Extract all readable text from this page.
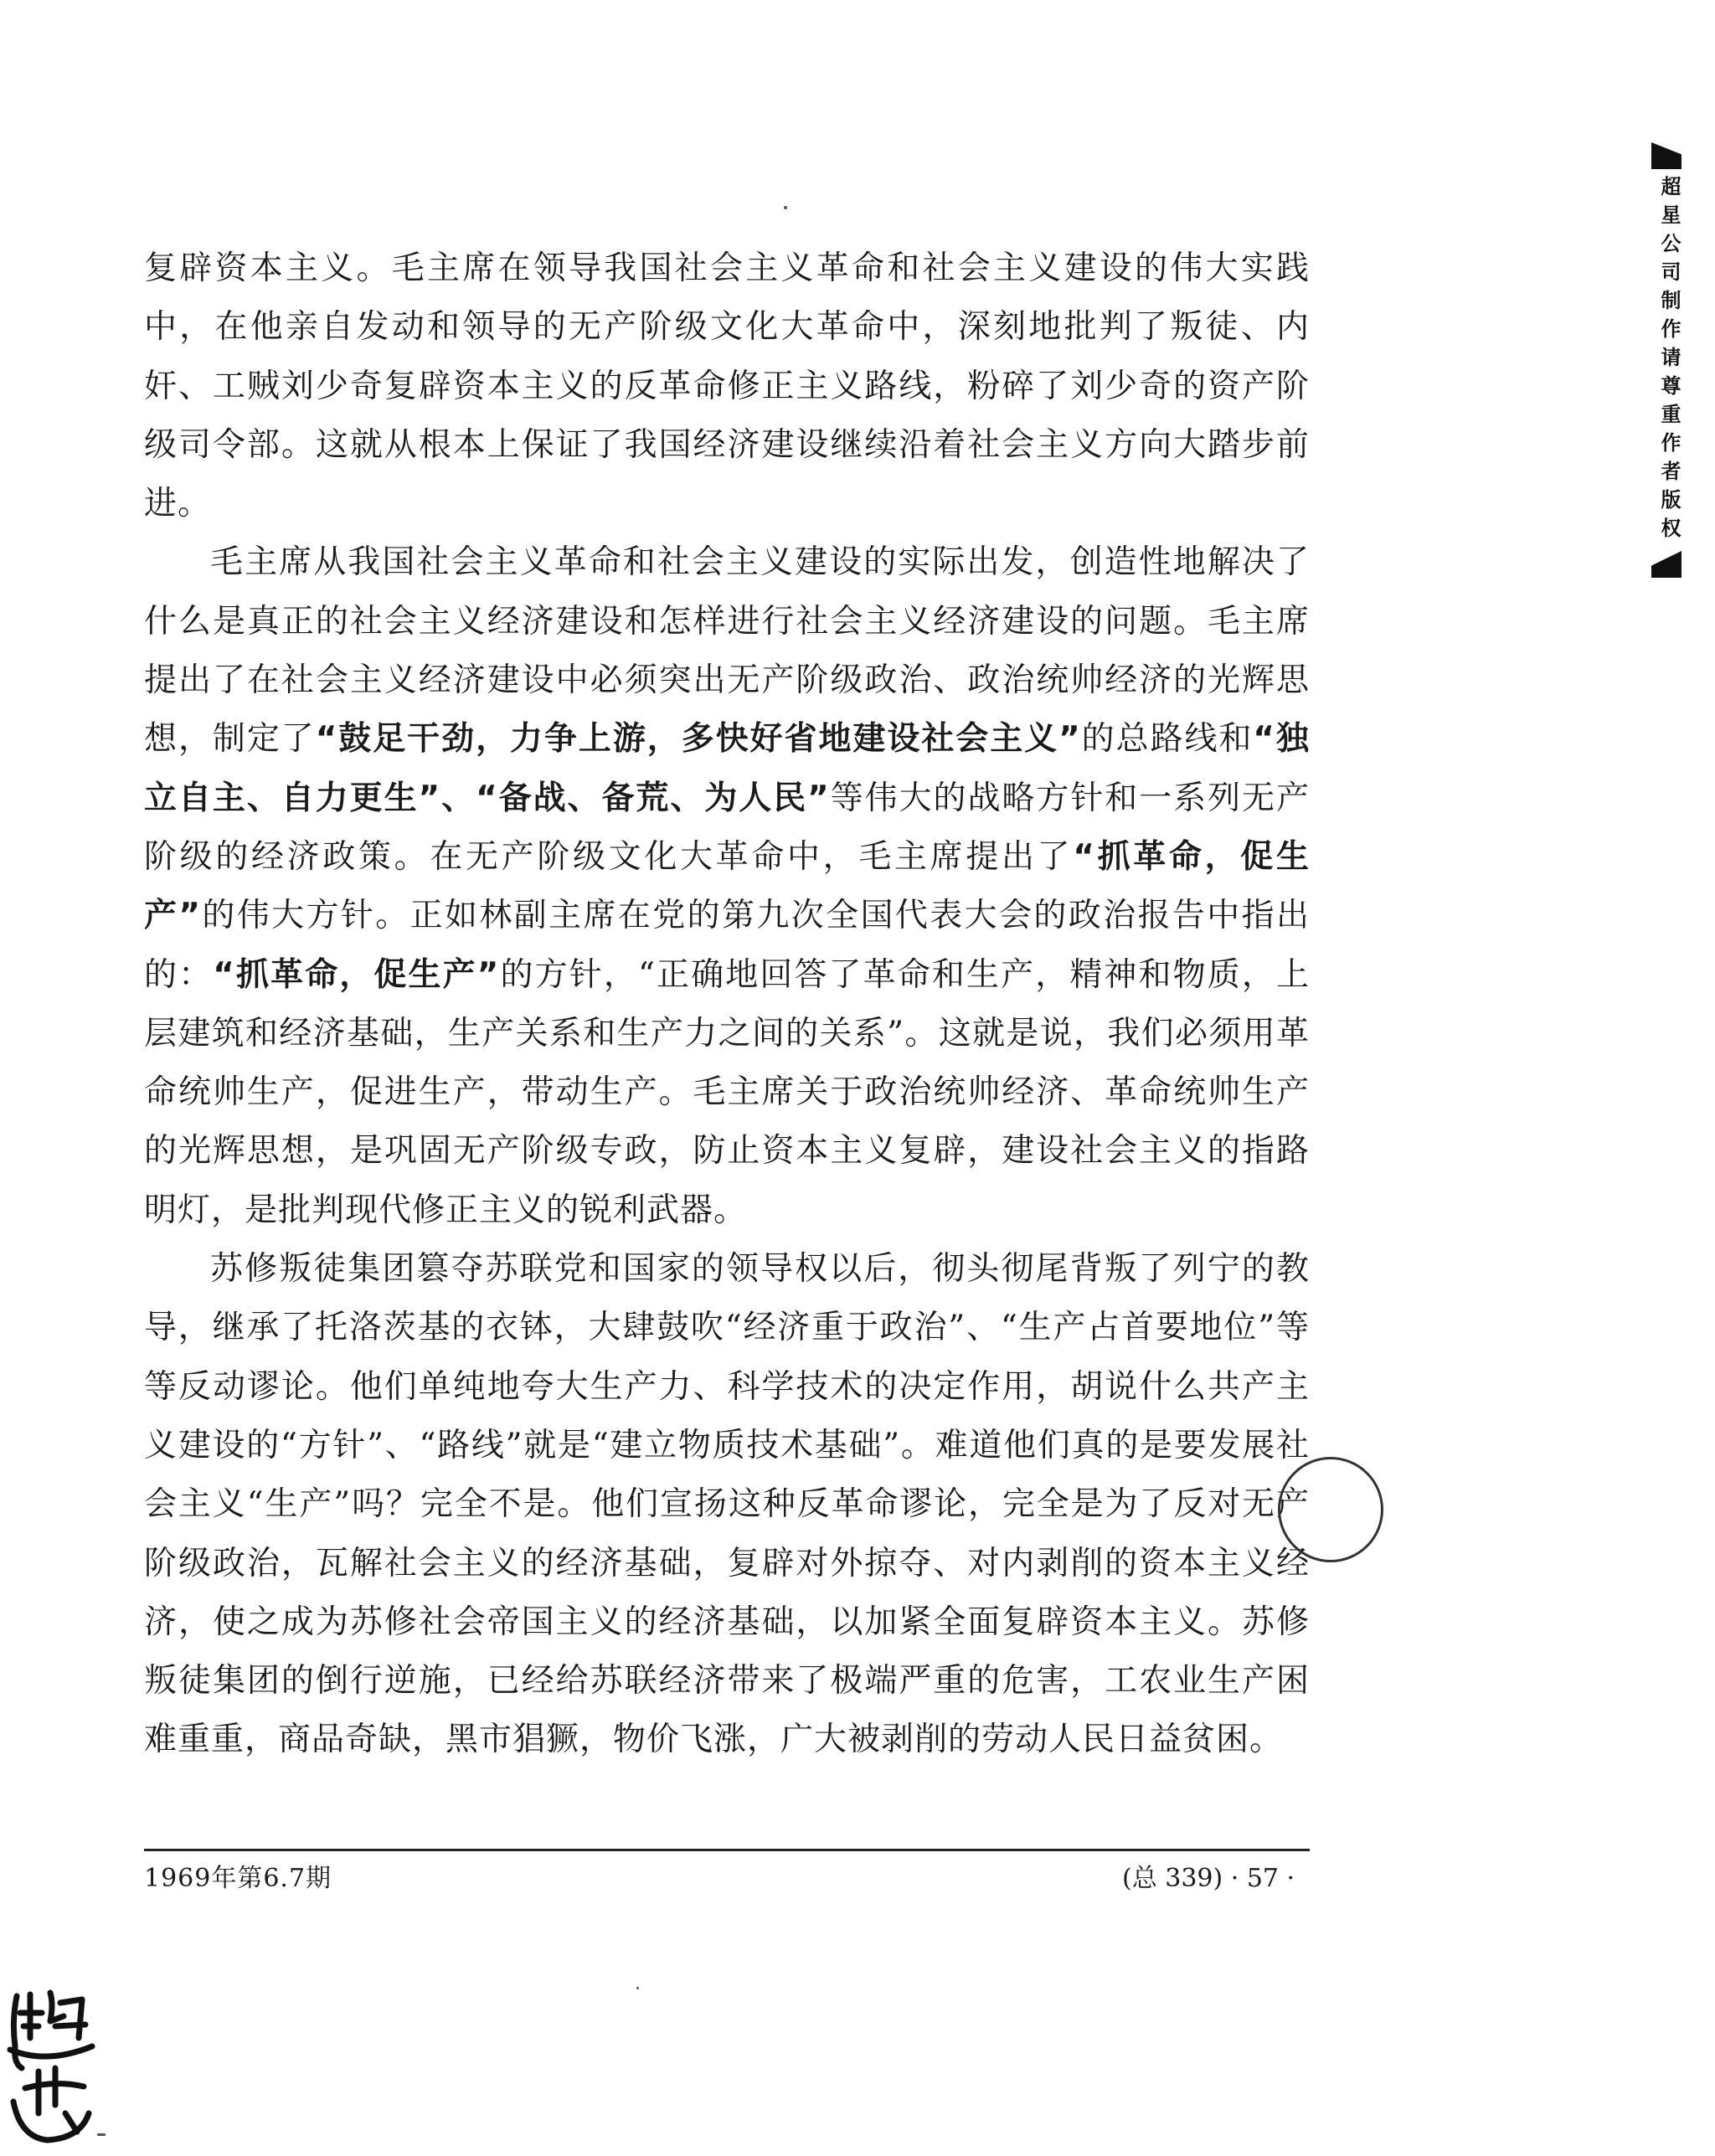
复辟资本主义。毛主席在领导我国社会主义革命和社会主义建设的伟大实践中，在他亲自发动和领导的无产阶级文化大革命中，深刻地批判了叛徒、内奸、工贼刘少奇复辟资本主义的反革命修正主义路线，粉碎了刘少奇的资产阶级司令部。这就从根本上保证了我国经济建设继续沿着社会主义方向大踏步前进。

毛主席从我国社会主义革命和社会主义建设的实际出发，创造性地解决了什么是真正的社会主义经济建设和怎样进行社会主义经济建设的问题。毛主席提出了在社会主义经济建设中必须突出无产阶级政治、政治统帅经济的光辉思想，制定了“鼓足干劲，力争上游，多快好省地建设社会主义”的总路线和“独立自主、自力更生”、“备战、备荒、为人民”等伟大的战略方针和一系列无产阶级的经济政策。在无产阶级文化大革命中，毛主席提出了“抓革命，促生产”的伟大方针。正如林副主席在党的第九次全国代表大会的政治报告中指出的：“抓革命，促生产”的方针，“正确地回答了革命和生产，精神和物质，上层建筑和经济基础，生产关系和生产力之间的关系”。这就是说，我们必须用革命统帅生产，促进生产，带动生产。毛主席关于政治统帅经济、革命统帅生产的光辉思想，是巩固无产阶级专政，防止资本主义复辟，建设社会主义的指路明灯，是批判现代修正主义的锐利武器。

苏修叛徒集团篡夺苏联党和国家的领导权以后，彻头彻尾背叛了列宁的教导，继承了托洛茨基的衣钵，大肆鼓吹“经济重于政治”、“生产占首要地位”等等反动谬论。他们单纯地夸大生产力、科学技术的决定作用，胡说什么共产主义建设的“方针”、“路线”就是“建立物质技术基础”。难道他们真的是要发展社会主义“生产”吗？完全不是。他们宣扬这种反革命谬论，完全是为了反对无产阶级政治，瓦解社会主义的经济基础，复辟对外掠夺、对内剥削的资本主义经济，使之成为苏修社会帝国主义的经济基础，以加紧全面复辟资本主义。苏修叛徒集团的倒行逆施，已经给苏联经济带来了极端严重的危害，工农业生产困难重重，商品奇缺，黑市猖獗，物价飞涨，广大被剥削的劳动人民日益贫困。

1969年第6.7期	(总 339) · 57 ·
超星公司制作请尊重作者版权
